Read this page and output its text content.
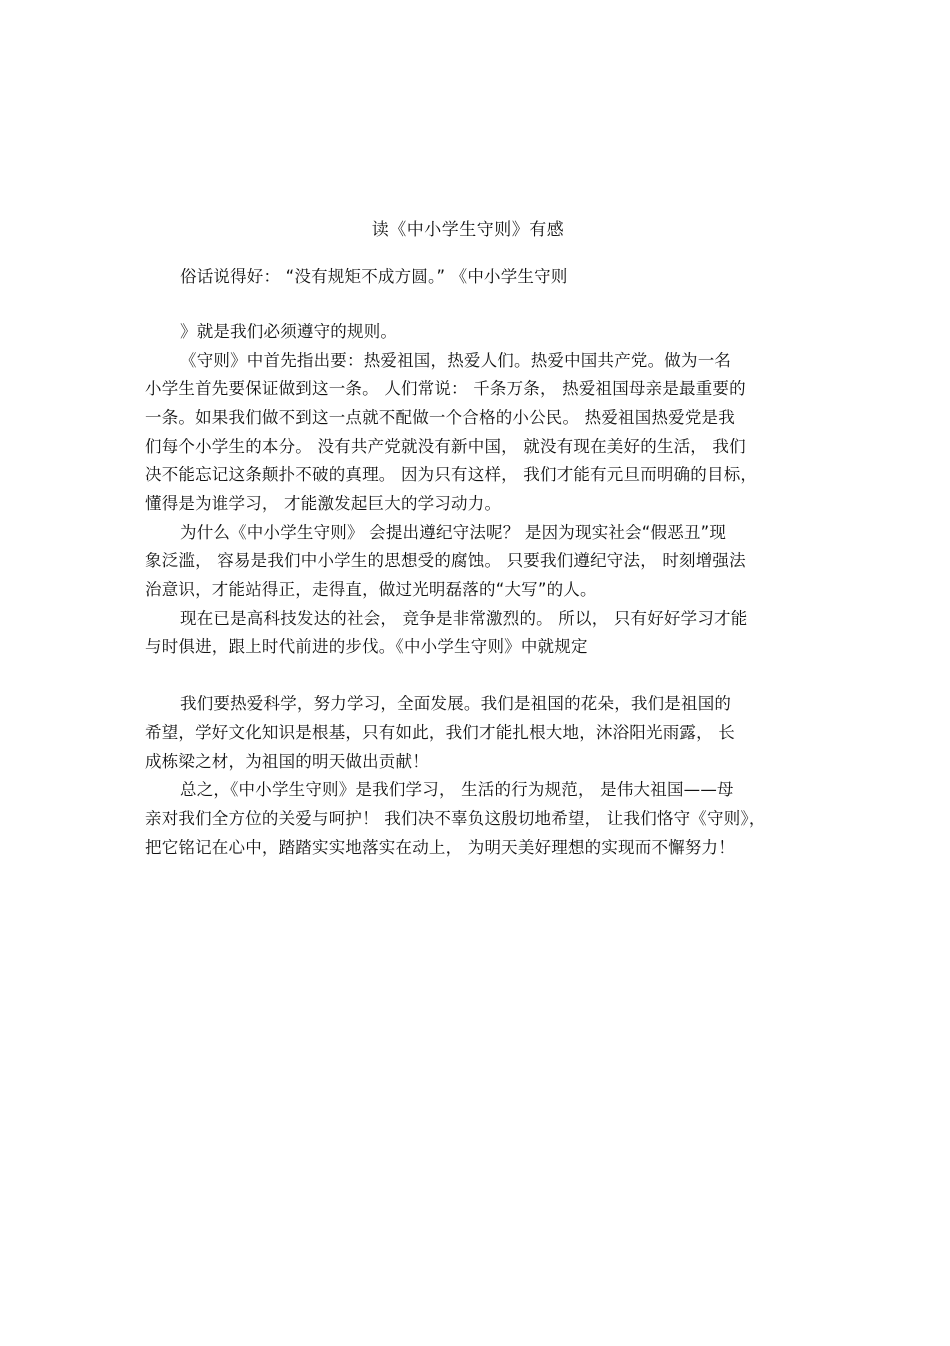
读《中小学生守则》有感
俗话说得好： “没有规矩不成方圆。” 《中小学生守则
》就是我们必须遵守的规则。
《守则》中首先指出要：热爱祖国，热爱人们。热爱中国共产党。做为一名
小学生首先要保证做到这一条。 人们常说： 千条万条， 热爱祖国母亲是最重要的
一条。如果我们做不到这一点就不配做一个合格的小公民。 热爱祖国热爱党是我
们每个小学生的本分。 没有共产党就没有新中国， 就没有现在美好的生活， 我们
决不能忘记这条颠扑不破的真理。 因为只有这样， 我们才能有元旦而明确的目标，
懂得是为谁学习， 才能激发起巨大的学习动力。
为什么《中小学生守则》 会提出遵纪守法呢？ 是因为现实社会“假恶丑”现
象泛滥， 容易是我们中小学生的思想受的腐蚀。 只要我们遵纪守法， 时刻增强法
治意识，才能站得正，走得直，做过光明磊落的“大写”的人。
现在已是高科技发达的社会， 竞争是非常激烈的。 所以， 只有好好学习才能
与时俱进，跟上时代前进的步伐。《中小学生守则》中就规定
我们要热爱科学，努力学习，全面发展。我们是祖国的花朵，我们是祖国的
希望，学好文化知识是根基，只有如此，我们才能扎根大地，沐浴阳光雨露， 长
成栋梁之材，为祖国的明天做出贡献！
总之，《中小学生守则》是我们学习， 生活的行为规范， 是伟大祖国——母
亲对我们全方位的关爱与呵护！ 我们决不辜负这殷切地希望， 让我们恪守《守则》，
把它铭记在心中，踏踏实实地落实在动上， 为明天美好理想的实现而不懈努力！
